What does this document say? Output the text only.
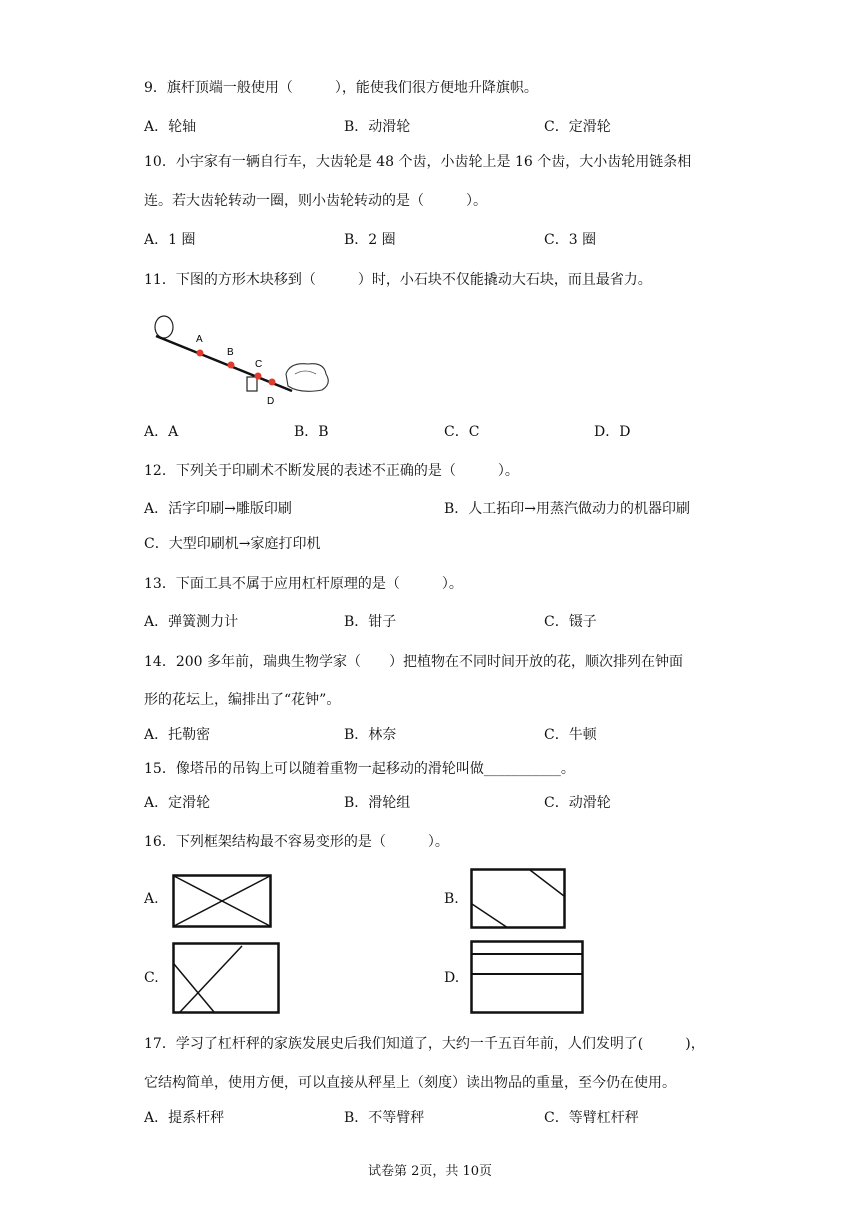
9．旗杆顶端一般使用（　　　），能使我们很方便地升降旗帜。
A．轮轴	B．动滑轮	C．定滑轮
10．小宇家有一辆自行车，大齿轮是 48 个齿，小齿轮上是 16 个齿，大小齿轮用链条相
连。若大齿轮转动一圈，则小齿轮转动的是（　　　）。
A．1 圈	B．2 圈	C．3 圈
11．下图的方形木块移到（　　　）时，小石块不仅能撬动大石块，而且最省力。
A
B
C
D
A．A	B．B	C．C	D．D
12．下列关于印刷术不断发展的表述不正确的是（　　　）。
A．活字印刷→雕版印刷	B．人工拓印→用蒸汽做动力的机器印刷
C．大型印刷机→家庭打印机
13．下面工具不属于应用杠杆原理的是（　　　）。
A．弹簧测力计	B．钳子	C．镊子
14．200 多年前，瑞典生物学家（　　）把植物在不同时间开放的花，顺次排列在钟面
形的花坛上，编排出了“花钟”。
A．托勒密	B．林奈	C．牛顿
15．像塔吊的吊钩上可以随着重物一起移动的滑轮叫做___________。
A．定滑轮	B．滑轮组	C．动滑轮
16．下列框架结构最不容易变形的是（　　　）。
A.	B.
C.	D.
17．学习了杠杆秤的家族发展史后我们知道了，大约一千五百年前，人们发明了(　　　)，
它结构简单，使用方便，可以直接从秤星上（刻度）读出物品的重量，至今仍在使用。
A．提系杆秤	B．不等臂秤	C．等臂杠杆秤
试卷第 2页，共 10页
